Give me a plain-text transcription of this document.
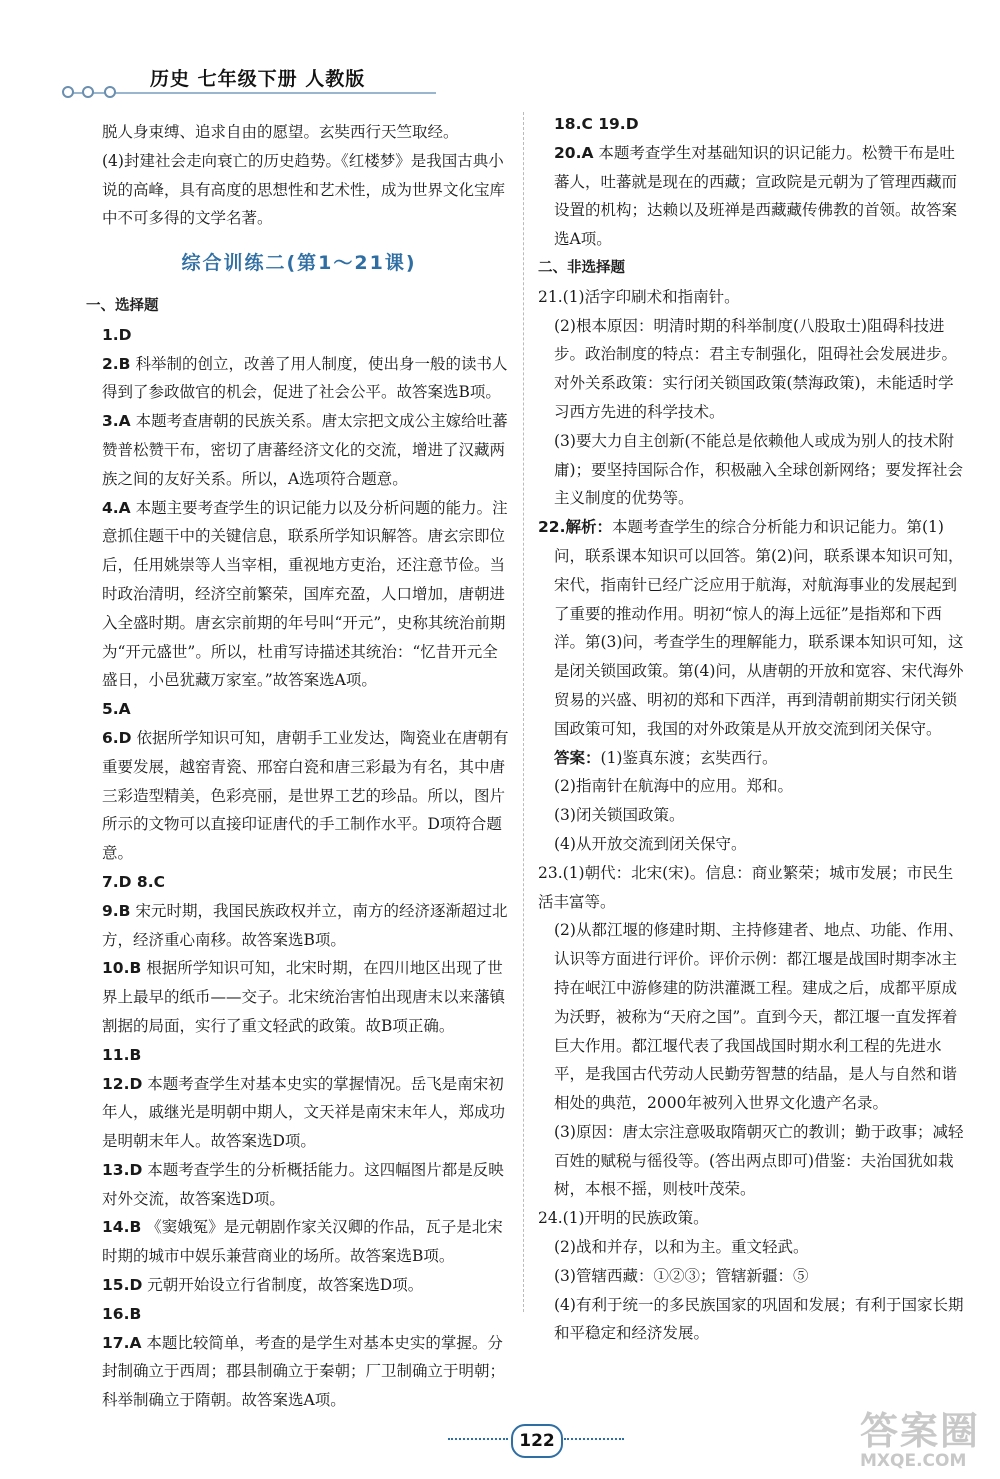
历史 七年级下册 人教版

脱人身束缚、追求自由的愿望。玄奘西行天竺取经。

(4)封建社会走向衰亡的历史趋势。《红楼梦》是我国古典小说的高峰，具有高度的思想性和艺术性，成为世界文化宝库中不可多得的文学名著。

综合训练二(第1～21课)
一、选择题

1.D

2.B 科举制的创立，改善了用人制度，使出身一般的读书人得到了参政做官的机会，促进了社会公平。故答案选B项。

3.A 本题考查唐朝的民族关系。唐太宗把文成公主嫁给吐蕃赞普松赞干布，密切了唐蕃经济文化的交流，增进了汉藏两族之间的友好关系。所以，A选项符合题意。

4.A 本题主要考查学生的识记能力以及分析问题的能力。注意抓住题干中的关键信息，联系所学知识解答。唐玄宗即位后，任用姚崇等人当宰相，重视地方吏治，还注意节俭。当时政治清明，经济空前繁荣，国库充盈，人口增加，唐朝进入全盛时期。唐玄宗前期的年号叫“开元”，史称其统治前期为“开元盛世”。所以，杜甫写诗描述其统治：“忆昔开元全盛日，小邑犹藏万家室。”故答案选A项。

5.A

6.D 依据所学知识可知，唐朝手工业发达，陶瓷业在唐朝有重要发展，越窑青瓷、邢窑白瓷和唐三彩最为有名，其中唐三彩造型精美，色彩亮丽，是世界工艺的珍品。所以，图片所示的文物可以直接印证唐代的手工制作水平。D项符合题意。

7.D 8.C

9.B 宋元时期，我国民族政权并立，南方的经济逐渐超过北方，经济重心南移。故答案选B项。

10.B 根据所学知识可知，北宋时期，在四川地区出现了世界上最早的纸币——交子。北宋统治害怕出现唐末以来藩镇割据的局面，实行了重文轻武的政策。故B项正确。

11.B

12.D 本题考查学生对基本史实的掌握情况。岳飞是南宋初年人，戚继光是明朝中期人，文天祥是南宋末年人，郑成功是明朝末年人。故答案选D项。

13.D 本题考查学生的分析概括能力。这四幅图片都是反映对外交流，故答案选D项。

14.B 《窦娥冤》是元朝剧作家关汉卿的作品，瓦子是北宋时期的城市中娱乐兼营商业的场所。故答案选B项。

15.D 元朝开始设立行省制度，故答案选D项。

16.B

17.A 本题比较简单，考查的是学生对基本史实的掌握。分封制确立于西周；郡县制确立于秦朝；厂卫制确立于明朝；科举制确立于隋朝。故答案选A项。

18.C 19.D

20.A 本题考查学生对基础知识的识记能力。松赞干布是吐蕃人，吐蕃就是现在的西藏；宣政院是元朝为了管理西藏而设置的机构；达赖以及班禅是西藏藏传佛教的首领。故答案选A项。

二、非选择题

21.(1)活字印刷术和指南针。

(2)根本原因：明清时期的科举制度(八股取士)阻碍科技进步。政治制度的特点：君主专制强化，阻碍社会发展进步。对外关系政策：实行闭关锁国政策(禁海政策)，未能适时学习西方先进的科学技术。

(3)要大力自主创新(不能总是依赖他人或成为别人的技术附庸)；要坚持国际合作，积极融入全球创新网络；要发挥社会主义制度的优势等。

22.解析：本题考查学生的综合分析能力和识记能力。第(1)问，联系课本知识可以回答。第(2)问，联系课本知识可知，宋代，指南针已经广泛应用于航海，对航海事业的发展起到了重要的推动作用。明初“惊人的海上远征”是指郑和下西洋。第(3)问，考查学生的理解能力，联系课本知识可知，这是闭关锁国政策。第(4)问，从唐朝的开放和宽容、宋代海外贸易的兴盛、明初的郑和下西洋，再到清朝前期实行闭关锁国政策可知，我国的对外政策是从开放交流到闭关保守。

答案：(1)鉴真东渡；玄奘西行。

(2)指南针在航海中的应用。郑和。

(3)闭关锁国政策。

(4)从开放交流到闭关保守。

23.(1)朝代：北宋(宋)。信息：商业繁荣；城市发展；市民生活丰富等。

(2)从都江堰的修建时期、主持修建者、地点、功能、作用、认识等方面进行评价。评价示例：都江堰是战国时期李冰主持在岷江中游修建的防洪灌溉工程。建成之后，成都平原成为沃野，被称为“天府之国”。直到今天，都江堰一直发挥着巨大作用。都江堰代表了我国战国时期水利工程的先进水平，是我国古代劳动人民勤劳智慧的结晶，是人与自然和谐相处的典范，2000年被列入世界文化遗产名录。

(3)原因：唐太宗注意吸取隋朝灭亡的教训；勤于政事；减轻百姓的赋税与徭役等。(答出两点即可)借鉴：夫治国犹如栽树，本根不摇，则枝叶茂荣。

24.(1)开明的民族政策。

(2)战和并存，以和为主。重文轻武。

(3)管辖西藏：①②③；管辖新疆：⑤

(4)有利于统一的多民族国家的巩固和发展；有利于国家长期和平稳定和经济发展。

122	答案圈
MXQE.COM
